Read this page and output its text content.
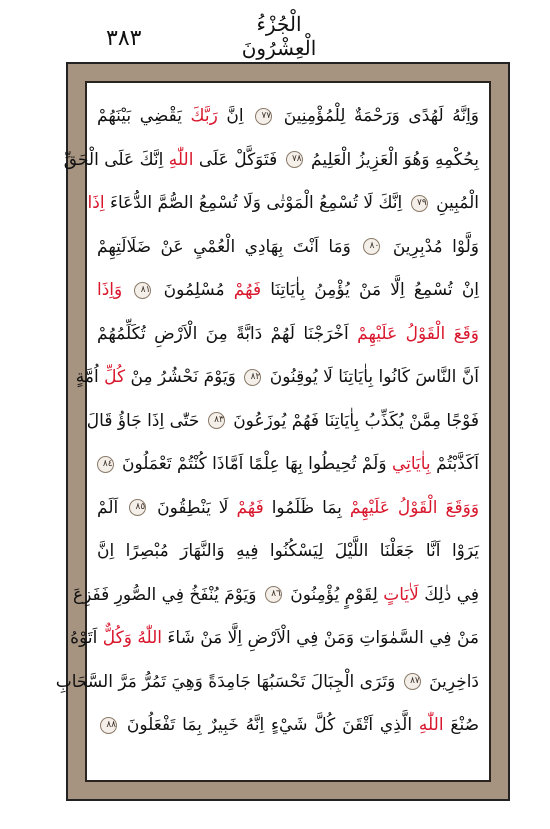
٣٨٣
الْجُزْءُ الْعِشْرُونَ
وَاِنَّهُ لَهُدًى وَرَحْمَةٌ لِلْمُؤْمِنِينَ ٧٧ اِنَّ رَبَّكَ يَقْضِي بَيْنَهُمْ
بِحُكْمِهِ وَهُوَ الْعَزِيزُ الْعَلِيمُ ٧٨ فَتَوَكَّلْ عَلَى اللّٰهِ اِنَّكَ عَلَى الْحَقِّ
الْمُبِينِ ٧٩ اِنَّكَ لَا تُسْمِعُ الْمَوْتٰى وَلَا تُسْمِعُ الصُّمَّ الدُّعَاءَ اِذَا
وَلَّوْا مُدْبِرِينَ ٨٠ وَمَا اَنْتَ بِهَادِي الْعُمْيِ عَنْ ضَلَالَتِهِمْ
اِنْ تُسْمِعُ اِلَّا مَنْ يُؤْمِنُ بِاٰيَاتِنَا فَهُمْ مُسْلِمُونَ ٨١ وَاِذَا
وَقَعَ الْقَوْلُ عَلَيْهِمْ اَخْرَجْنَا لَهُمْ دَابَّةً مِنَ الْاَرْضِ تُكَلِّمُهُمْ
اَنَّ النَّاسَ كَانُوا بِاٰيَاتِنَا لَا يُوقِنُونَ ٨٢ وَيَوْمَ نَحْشُرُ مِنْ كُلِّ اُمَّةٍ
فَوْجًا مِمَّنْ يُكَذِّبُ بِاٰيَاتِنَا فَهُمْ يُوزَعُونَ ٨٣ حَتّٰى اِذَا جَاؤُ قَالَ
اَكَذَّبْتُمْ بِاٰيَاتِي وَلَمْ تُحِيطُوا بِهَا عِلْمًا اَمَّاذَا كُنْتُمْ تَعْمَلُونَ ٨٤
وَوَقَعَ الْقَوْلُ عَلَيْهِمْ بِمَا ظَلَمُوا فَهُمْ لَا يَنْطِقُونَ ٨٥ اَلَمْ
يَرَوْا اَنَّا جَعَلْنَا اللَّيْلَ لِيَسْكُنُوا فِيهِ وَالنَّهَارَ مُبْصِرًا اِنَّ
فِي ذٰلِكَ لَاٰيَاتٍ لِقَوْمٍ يُؤْمِنُونَ ٨٦ وَيَوْمَ يُنْفَخُ فِي الصُّورِ فَفَزِعَ
مَنْ فِي السَّمٰوَاتِ وَمَنْ فِي الْاَرْضِ اِلَّا مَنْ شَاءَ اللّٰهُ وَكُلٌّ اَتَوْهُ
دَاخِرِينَ ٨٧ وَتَرَى الْجِبَالَ تَحْسَبُهَا جَامِدَةً وَهِيَ تَمُرُّ مَرَّ السَّحَابِ
صُنْعَ اللّٰهِ الَّذِي اَتْقَنَ كُلَّ شَيْءٍ اِنَّهُ خَبِيرٌ بِمَا تَفْعَلُونَ ٨٨
